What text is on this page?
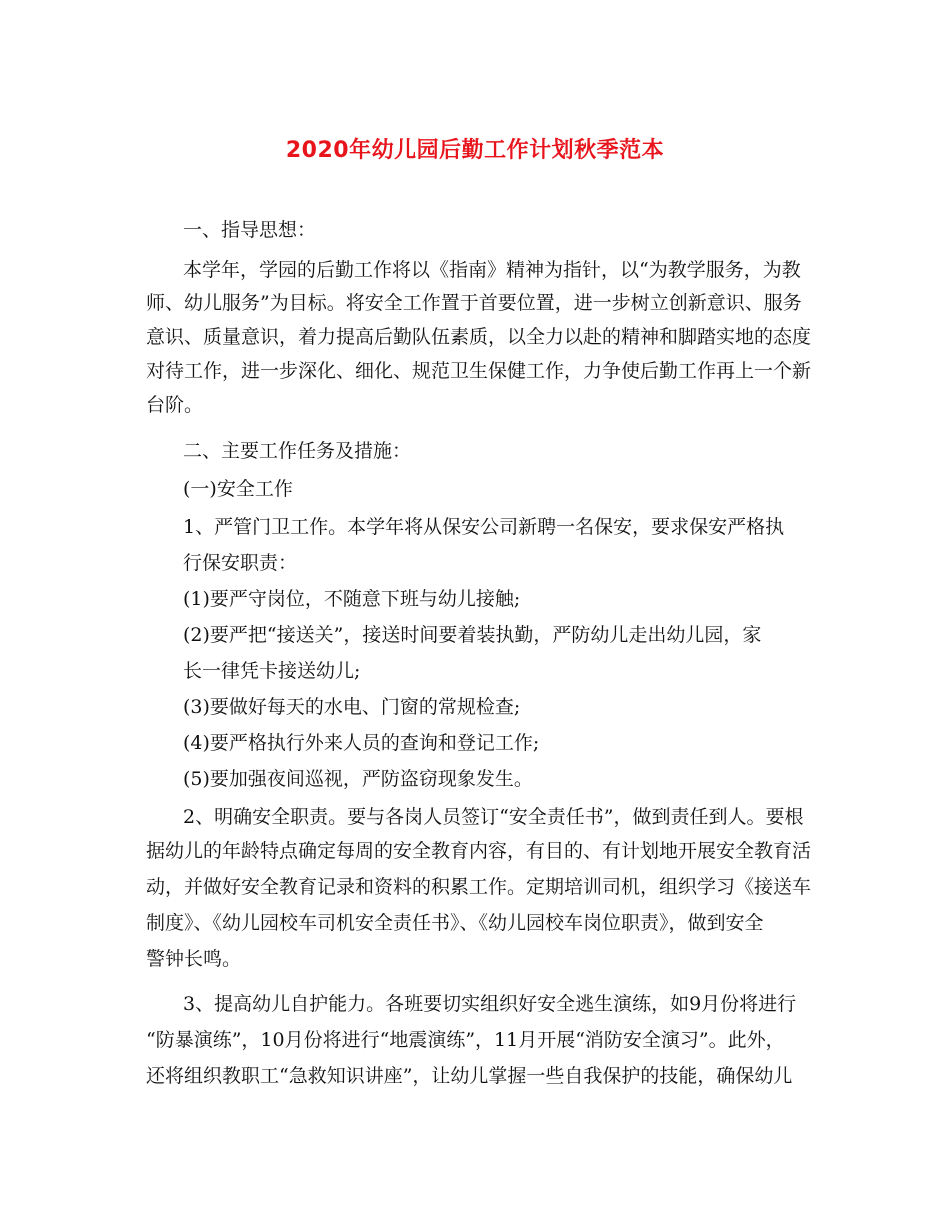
2020年幼儿园后勤工作计划秋季范本
一、指导思想：
本学年，学园的后勤工作将以《指南》精神为指针，以“为教学服务，为教
师、幼儿服务”为目标。将安全工作置于首要位置，进一步树立创新意识、服务
意识、质量意识，着力提高后勤队伍素质，以全力以赴的精神和脚踏实地的态度
对待工作，进一步深化、细化、规范卫生保健工作，力争使后勤工作再上一个新
台阶。
二、主要工作任务及措施：
(一)安全工作
1、严管门卫工作。本学年将从保安公司新聘一名保安，要求保安严格执
行保安职责：
(1)要严守岗位，不随意下班与幼儿接触;
(2)要严把“接送关”，接送时间要着装执勤，严防幼儿走出幼儿园，家
长一律凭卡接送幼儿;
(3)要做好每天的水电、门窗的常规检查;
(4)要严格执行外来人员的查询和登记工作;
(5)要加强夜间巡视，严防盗窃现象发生。
2、明确安全职责。要与各岗人员签订“安全责任书”，做到责任到人。要根
据幼儿的年龄特点确定每周的安全教育内容，有目的、有计划地开展安全教育活
动，并做好安全教育记录和资料的积累工作。定期培训司机，组织学习《接送车
制度》、《幼儿园校车司机安全责任书》、《幼儿园校车岗位职责》，做到安全
警钟长鸣。
3、提高幼儿自护能力。各班要切实组织好安全逃生演练，如9月份将进行
“防暴演练”，10月份将进行“地震演练”，11月开展“消防安全演习”。此外，
还将组织教职工“急救知识讲座”，让幼儿掌握一些自我保护的技能，确保幼儿
